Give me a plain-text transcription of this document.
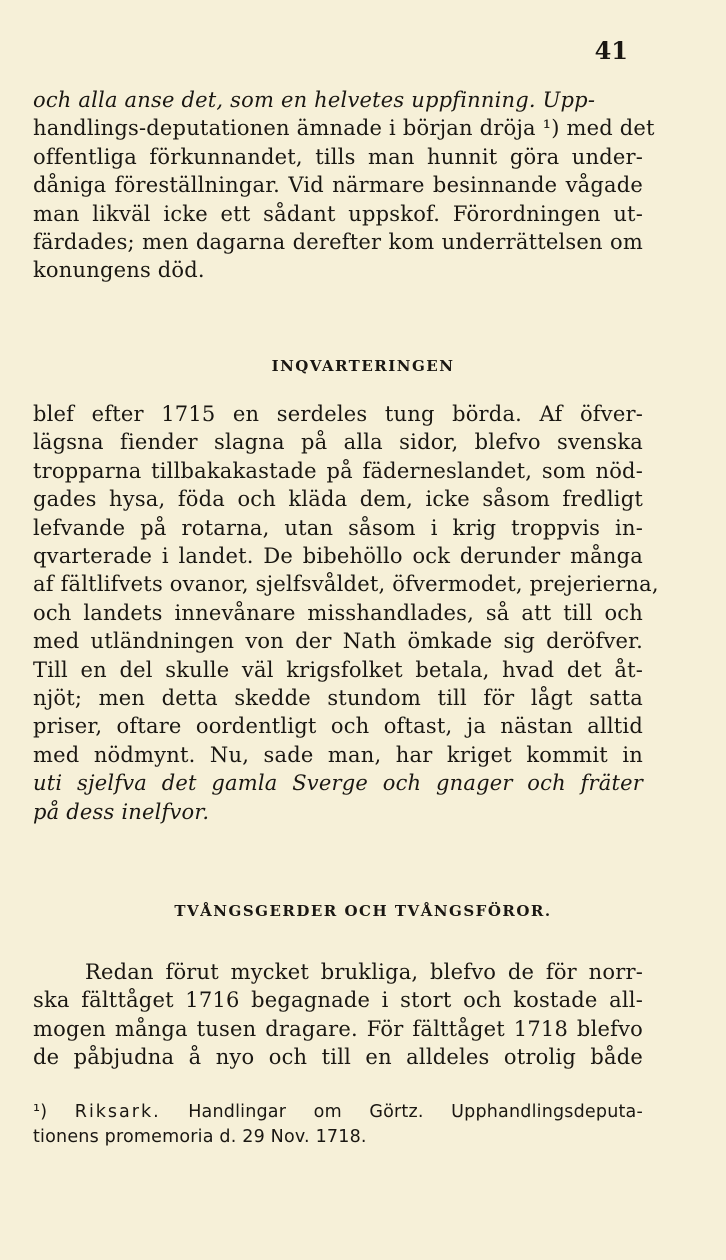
41
och alla anse det, som en helvetes uppfinning. Upp-
handlings-deputationen ämnade i början dröja ¹) med det
offentliga förkunnandet, tills man hunnit göra under-
dåniga föreställningar. Vid närmare besinnande vågade
man likväl icke ett sådant uppskof. Förordningen ut-
färdades; men dagarna derefter kom underrättelsen om
konungens död.
INQVARTERINGEN
blef efter 1715 en serdeles tung börda. Af öfver-
lägsna fiender slagna på alla sidor, blefvo svenska
tropparna tillbakakastade på fäderneslandet, som nöd-
gades hysa, föda och kläda dem, icke såsom fredligt
lefvande på rotarna, utan såsom i krig troppvis in-
qvarterade i landet. De bibehöllo ock derunder många
af fältlifvets ovanor, sjelfsvåldet, öfvermodet, prejerierna,
och landets innevånare misshandlades, så att till och
med utländningen von der Nath ömkade sig deröfver.
Till en del skulle väl krigsfolket betala, hvad det åt-
njöt; men detta skedde stundom till för lågt satta
priser, oftare oordentligt och oftast, ja nästan alltid
med nödmynt. Nu, sade man, har kriget kommit in
uti sjelfva det gamla Sverge och gnager och fräter
på dess inelfvor.
TVÅNGSGERDER OCH TVÅNGSFÖROR.
Redan förut mycket brukliga, blefvo de för norr-
ska fälttåget 1716 begagnade i stort och kostade all-
mogen många tusen dragare. För fälttåget 1718 blefvo
de påbjudna å nyo och till en alldeles otrolig både
¹) Riksark. Handlingar om Görtz. Upphandlingsdeputa-
tionens promemoria d. 29 Nov. 1718.
